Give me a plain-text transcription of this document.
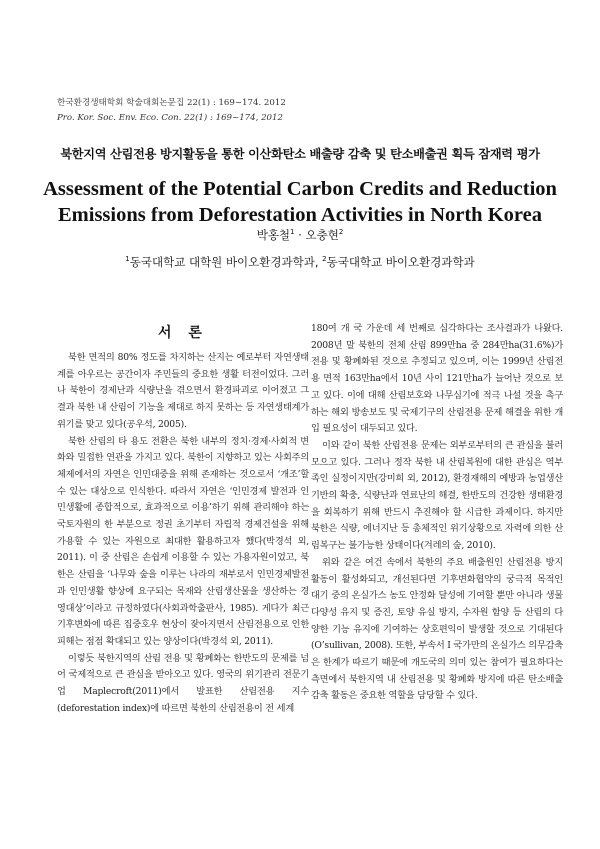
한국환경생태학회 학술대회논문집 22(1) : 169~174. 2012
Pro. Kor. Soc. Env. Eco. Con. 22(1) : 169~174, 2012
북한지역 산림전용 방지활동을 통한 이산화탄소 배출량 감축 및 탄소배출권 획득 잠재력 평가
Assessment of the Potential Carbon Credits and Reduction
Emissions from Deforestation Activities in North Korea
박홍철$^1$ · 오충현$^2$
$^1$동국대학교 대학원 바이오환경과학과, $^2$동국대학교 바이오환경과학과
서 론

북한 면적의 80% 정도를 차지하는 산지는 예로부터 자연생태계를 아우르는 공간이자 주민들의 중요한 생활 터전이었다. 그러나 북한이 경제난과 식량난을 겪으면서 환경파괴로 이어졌고 그 결과 북한 내 산림이 기능을 제대로 하지 못하는 등 자연생태계가 위기를 맞고 있다(공우석, 2005).

북한 산림의 타 용도 전환은 북한 내부의 정치·경제·사회적 변화와 밀접한 연관을 가지고 있다. 북한이 지향하고 있는 사회주의 체제에서의 자연은 인민대중을 위해 존재하는 것으로서 ‘개조’할 수 있는 대상으로 인식한다. 따라서 자연은 ‘인민경제 발전과 인민생활에 종합적으로, 효과적으로 이용’하기 위해 관리해야 하는 국토자원의 한 부분으로 정권 초기부터 자립적 경제건설을 위해 가용할 수 있는 자원으로 최대한 활용하고자 했다(박경석 외, 2011). 이 중 산림은 손쉽게 이용할 수 있는 가용자원이었고, 북한은 산림을 ‘나무와 숲을 이루는 나라의 재부로서 인민경제발전과 인민생활 향상에 요구되는 목재와 산림생산물을 생산하는 경영대상’이라고 규정하였다(사회과학출판사, 1985). 게다가 최근 기후변화에 따른 집중호우 현상이 잦아지면서 산림전용으로 인한 피해는 점점 확대되고 있는 양상이다(박경석 외, 2011).

이렇듯 북한지역의 산림 전용 및 황폐화는 한반도의 문제를 넘어 국제적으로 큰 관심을 받아오고 있다. 영국의 위기관리 전문기업 Maplecroft(2011)에서 발표한 산림전용 지수(deforestation index)에 따르면 북한의 산림전용이 전 세계

180여 개 국 가운데 세 번째로 심각하다는 조사결과가 나왔다. 2008년 말 북한의 전체 산림 899만ha 중 284만ha(31.6%)가 전용 및 황폐화된 것으로 추정되고 있으며, 이는 1999년 산림전용 면적 163만ha에서 10년 사이 121만ha가 늘어난 것으로 보고 있다. 이에 대해 산림보호와 나무심기에 적극 나설 것을 촉구하는 해외 방송보도 및 국제기구의 산림전용 문제 해결을 위한 개입 필요성이 대두되고 있다.

이와 같이 북한 산림전용 문제는 외부로부터의 큰 관심을 불러 모으고 있다. 그러나 정작 북한 내 산림복원에 대한 관심은 역부족인 실정이지만(강미희 외, 2012), 환경재해의 예방과 농업생산기반의 확충, 식량난과 연료난의 해결, 한반도의 건강한 생태환경을 회복하기 위해 반드시 추진해야 할 시급한 과제이다. 하지만 북한은 식량, 에너지난 등 총체적인 위기상황으로 자력에 의한 산림복구는 불가능한 상태이다(겨레의 숲, 2010).

위와 같은 여건 속에서 북한의 주요 배출원인 산림전용 방지 활동이 활성화되고, 개선된다면 기후변화협약의 궁극적 목적인 대기 중의 온실가스 농도 안정화 달성에 기여할 뿐만 아니라 생물다양성 유지 및 증진, 토양 유실 방지, 수자원 함양 등 산림의 다양한 기능 유지에 기여하는 상호편익이 발생할 것으로 기대된다(O’sullivan, 2008). 또한, 부속서 I 국가만의 온실가스 의무감축은 한계가 따르기 때문에 개도국의 의미 있는 참여가 필요하다는 측면에서 북한지역 내 산림전용 및 황폐화 방지에 따른 탄소배출 감축 활동은 중요한 역할을 담당할 수 있다.
